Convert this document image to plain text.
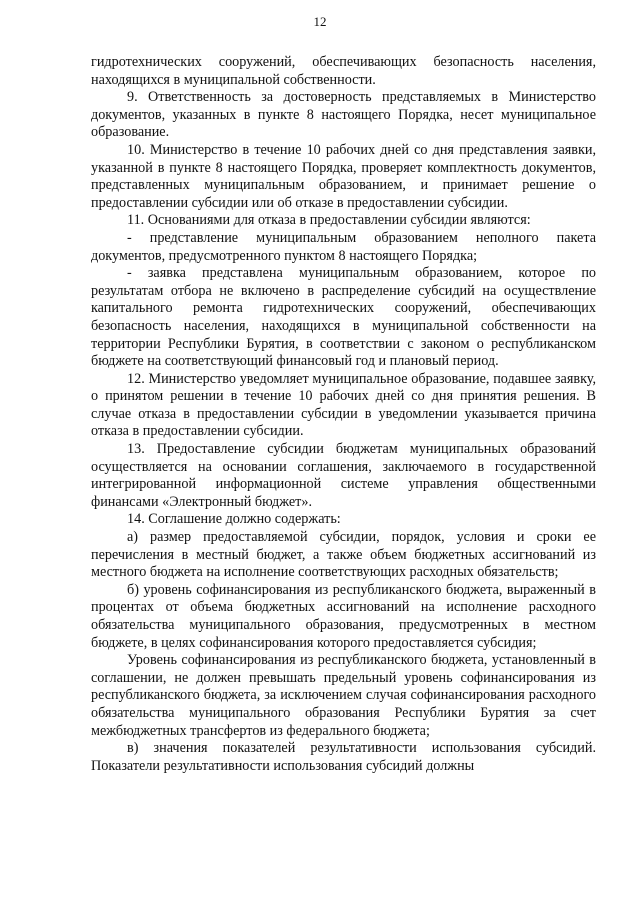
12

гидротехнических сооружений, обеспечивающих безопасность населения, находящихся в муниципальной собственности.

9. Ответственность за достоверность представляемых в Министерство документов, указанных в пункте 8 настоящего Порядка, несет муниципальное образование.

10. Министерство в течение 10 рабочих дней со дня представления заявки, указанной в пункте 8 настоящего Порядка, проверяет комплектность документов, представленных муниципальным образованием, и принимает решение о предоставлении субсидии или об отказе в предоставлении субсидии.

11. Основаниями для отказа в предоставлении субсидии являются:

- представление муниципальным образованием неполного пакета документов, предусмотренного пунктом 8 настоящего Порядка;

- заявка представлена муниципальным образованием, которое по результатам отбора не включено в распределение субсидий на осуществление капитального ремонта гидротехнических сооружений, обеспечивающих безопасность населения, находящихся в муниципальной собственности на территории Республики Бурятия, в соответствии с законом о республиканском бюджете на соответствующий финансовый год и плановый период.

12. Министерство уведомляет муниципальное образование, подавшее заявку, о принятом решении в течение 10 рабочих дней со дня принятия решения. В случае отказа в предоставлении субсидии в уведомлении указывается причина отказа в предоставлении субсидии.

13. Предоставление субсидии бюджетам муниципальных образований осуществляется на основании соглашения, заключаемого в государственной интегрированной информационной системе управления общественными финансами «Электронный бюджет».

14. Соглашение должно содержать:

а) размер предоставляемой субсидии, порядок, условия и сроки ее перечисления в местный бюджет, а также объем бюджетных ассигнований из местного бюджета на исполнение соответствующих расходных обязательств;

б) уровень софинансирования из республиканского бюджета, выраженный в процентах от объема бюджетных ассигнований на исполнение расходного обязательства муниципального образования, предусмотренных в местном бюджете, в целях софинансирования которого предоставляется субсидия;

Уровень софинансирования из республиканского бюджета, установленный в соглашении, не должен превышать предельный уровень софинансирования из республиканского бюджета, за исключением случая софинансирования расходного обязательства муниципального образования Республики Бурятия за счет межбюджетных трансфертов из федерального бюджета;

в) значения показателей результативности использования субсидий. Показатели результативности использования субсидий должны
